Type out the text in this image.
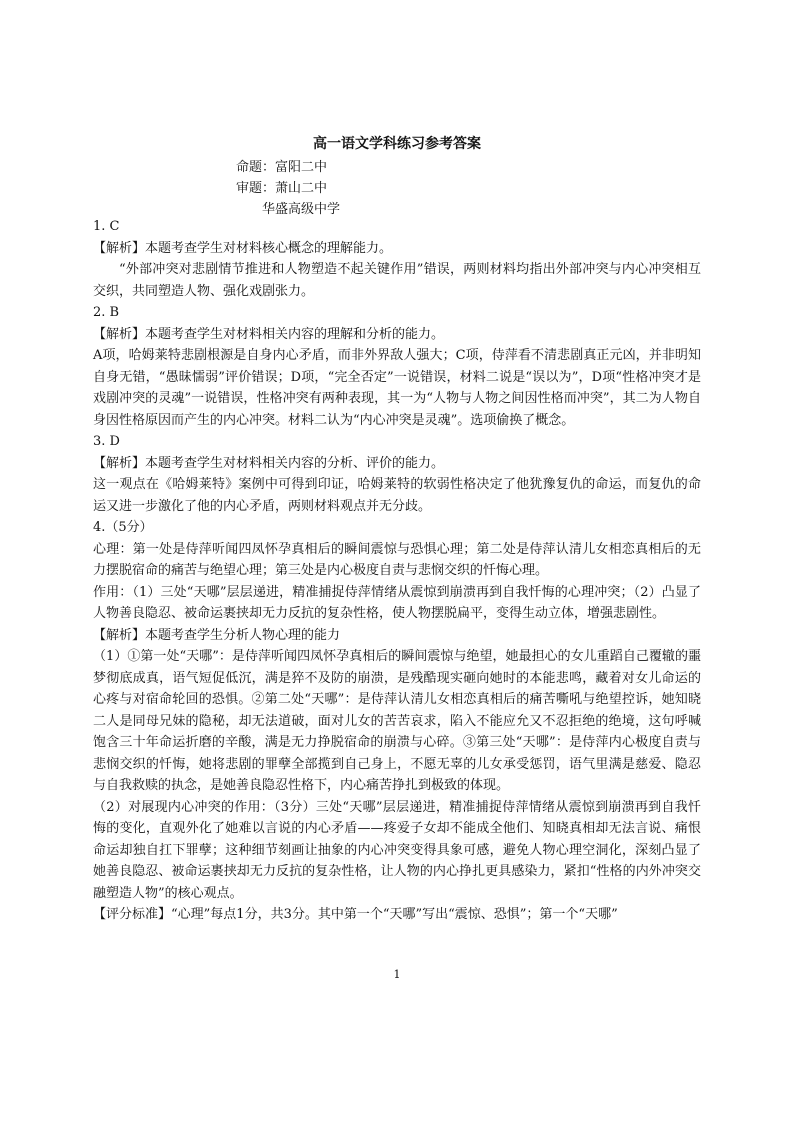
高一语文学科练习参考答案
命题：富阳二中
审题：萧山二中
华盛高级中学

1. C

【解析】本题考查学生对材料核心概念的理解能力。

“外部冲突对悲剧情节推进和人物塑造不起关键作用”错误，两则材料均指出外部冲突与内心冲突相互交织，共同塑造人物、强化戏剧张力。

2. B

【解析】本题考查学生对材料相关内容的理解和分析的能力。

A项，哈姆莱特悲剧根源是自身内心矛盾，而非外界敌人强大；C项，侍萍看不清悲剧真正元凶，并非明知自身无错，“愚昧懦弱”评价错误；D项，“完全否定”一说错误，材料二说是“误以为”，D项“性格冲突才是戏剧冲突的灵魂”一说错误，性格冲突有两种表现，其一为“人物与人物之间因性格而冲突”，其二为人物自身因性格原因而产生的内心冲突。材料二认为“内心冲突是灵魂”。选项偷换了概念。

3. D

【解析】本题考查学生对材料相关内容的分析、评价的能力。

这一观点在《哈姆莱特》案例中可得到印证，哈姆莱特的软弱性格决定了他犹豫复仇的命运，而复仇的命运又进一步激化了他的内心矛盾，两则材料观点并无分歧。

4.（5分）

心理：第一处是侍萍听闻四凤怀孕真相后的瞬间震惊与恐惧心理；第二处是侍萍认清儿女相恋真相后的无力摆脱宿命的痛苦与绝望心理；第三处是内心极度自责与悲悯交织的忏悔心理。

作用：（1）三处“天哪”层层递进，精准捕捉侍萍情绪从震惊到崩溃再到自我忏悔的心理冲突；（2）凸显了人物善良隐忍、被命运裹挟却无力反抗的复杂性格，使人物摆脱扁平，变得生动立体，增强悲剧性。

【解析】本题考查学生分析人物心理的能力

（1）①第一处“天哪”：是侍萍听闻四凤怀孕真相后的瞬间震惊与绝望，她最担心的女儿重蹈自己覆辙的噩梦彻底成真，语气短促低沉，满是猝不及防的崩溃，是残酷现实砸向她时的本能悲鸣，藏着对女儿命运的心疼与对宿命轮回的恐惧。②第二处“天哪”：是侍萍认清儿女相恋真相后的痛苦嘶吼与绝望控诉，她知晓二人是同母兄妹的隐秘，却无法道破，面对儿女的苦苦哀求，陷入不能应允又不忍拒绝的绝境，这句呼喊饱含三十年命运折磨的辛酸，满是无力挣脱宿命的崩溃与心碎。③第三处“天哪”：是侍萍内心极度自责与悲悯交织的忏悔，她将悲剧的罪孽全部揽到自己身上，不愿无辜的儿女承受惩罚，语气里满是慈爱、隐忍与自我救赎的执念，是她善良隐忍性格下，内心痛苦挣扎到极致的体现。

（2）对展现内心冲突的作用：（3分）三处“天哪”层层递进，精准捕捉侍萍情绪从震惊到崩溃再到自我忏悔的变化，直观外化了她难以言说的内心矛盾——疼爱子女却不能成全他们、知晓真相却无法言说、痛恨命运却独自扛下罪孽；这种细节刻画让抽象的内心冲突变得具象可感，避免人物心理空洞化，深刻凸显了她善良隐忍、被命运裹挟却无力反抗的复杂性格，让人物的内心挣扎更具感染力，紧扣“性格的内外冲突交融塑造人物”的核心观点。

【评分标准】“心理”每点1分，共3分。其中第一个“天哪”写出“震惊、恐惧”；第一个“天哪”

1
